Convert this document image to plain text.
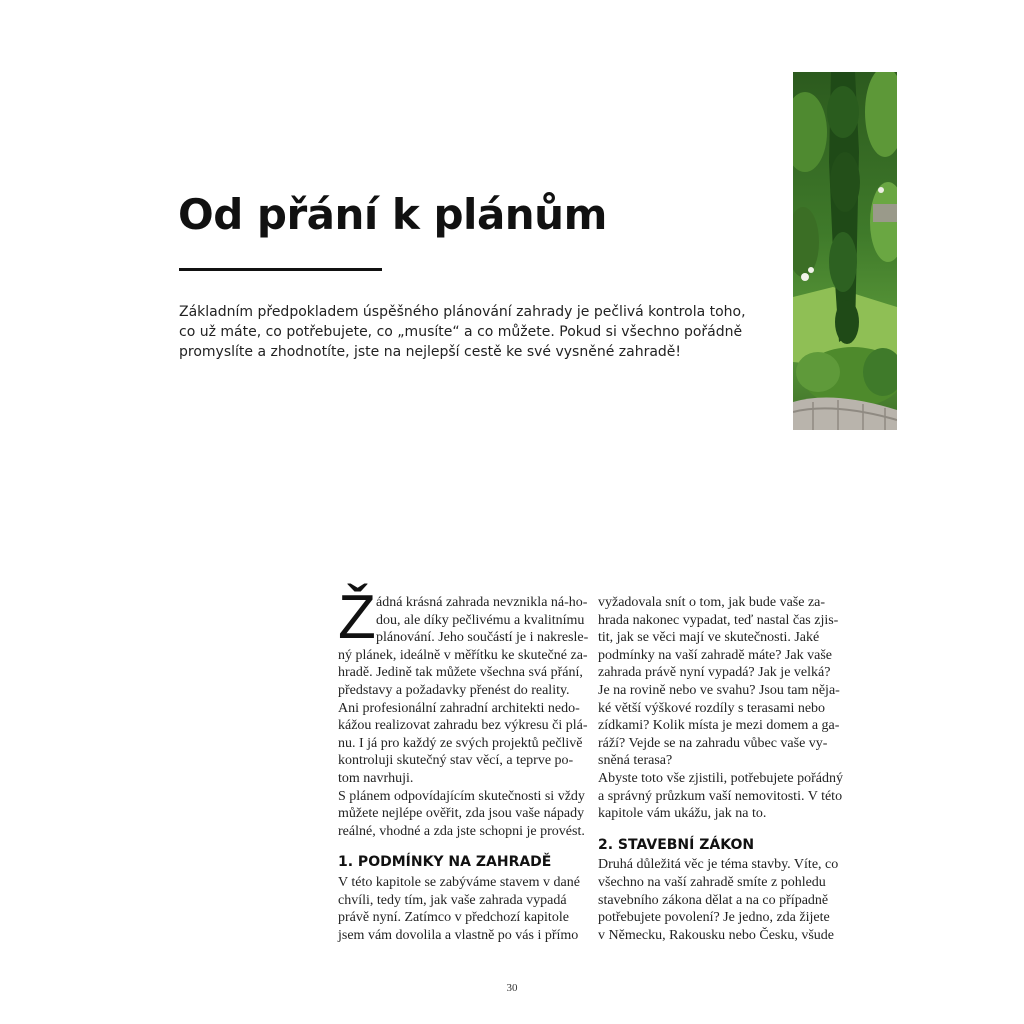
Od přání k plánům

Základním předpokladem úspěšného plánování zahrady je pečlivá kontrola toho,
co už máte, co potřebujete, co „musíte“ a co můžete. Pokud si všechno pořádně
promyslíte a zhodnotíte, jste na nejlepší cestě ke své vysněné zahradě!

Ž ádná krásná zahrada nevznikla ná-ho-
dou, ale díky pečlivému a kvalitnímu
plánování. Jeho součástí je i nakresle-
ný plánek, ideálně v měřítku ke skutečné za-
hradě. Jedině tak můžete všechna svá přání,
představy a požadavky přenést do reality.
Ani profesionální zahradní architekti nedo-
kážou realizovat zahradu bez výkresu či plá-
nu. I já pro každý ze svých projektů pečlivě
kontroluji skutečný stav věcí, a teprve po-
tom navrhuji.
S plánem odpovídajícím skutečnosti si vždy
můžete nejlépe ověřit, zda jsou vaše nápady
reálné, vhodné a zda jste schopni je provést.
1. PODMÍNKY NA ZAHRADĚ
V této kapitole se zabýváme stavem v dané
chvíli, tedy tím, jak vaše zahrada vypadá
právě nyní. Zatímco v předchozí kapitole
jsem vám dovolila a vlastně po vás i přímo
vyžadovala snít o tom, jak bude vaše za-
hrada nakonec vypadat, teď nastal čas zjis-
tit, jak se věci mají ve skutečnosti. Jaké
podmínky na vaší zahradě máte? Jak vaše
zahrada právě nyní vypadá? Jak je velká?
Je na rovině nebo ve svahu? Jsou tam něja-
ké větší výškové rozdíly s terasami nebo
zídkami? Kolik místa je mezi domem a ga-
ráží? Vejde se na zahradu vůbec vaše vy-
sněná terasa?
Abyste toto vše zjistili, potřebujete pořádný
a správný průzkum vaší nemovitosti. V této
kapitole vám ukážu, jak na to.
2. STAVEBNÍ ZÁKON
Druhá důležitá věc je téma stavby. Víte, co
všechno na vaší zahradě smíte z pohledu
stavebního zákona dělat a na co případně
potřebujete povolení? Je jedno, zda žijete
v Německu, Rakousku nebo Česku, všude
30
